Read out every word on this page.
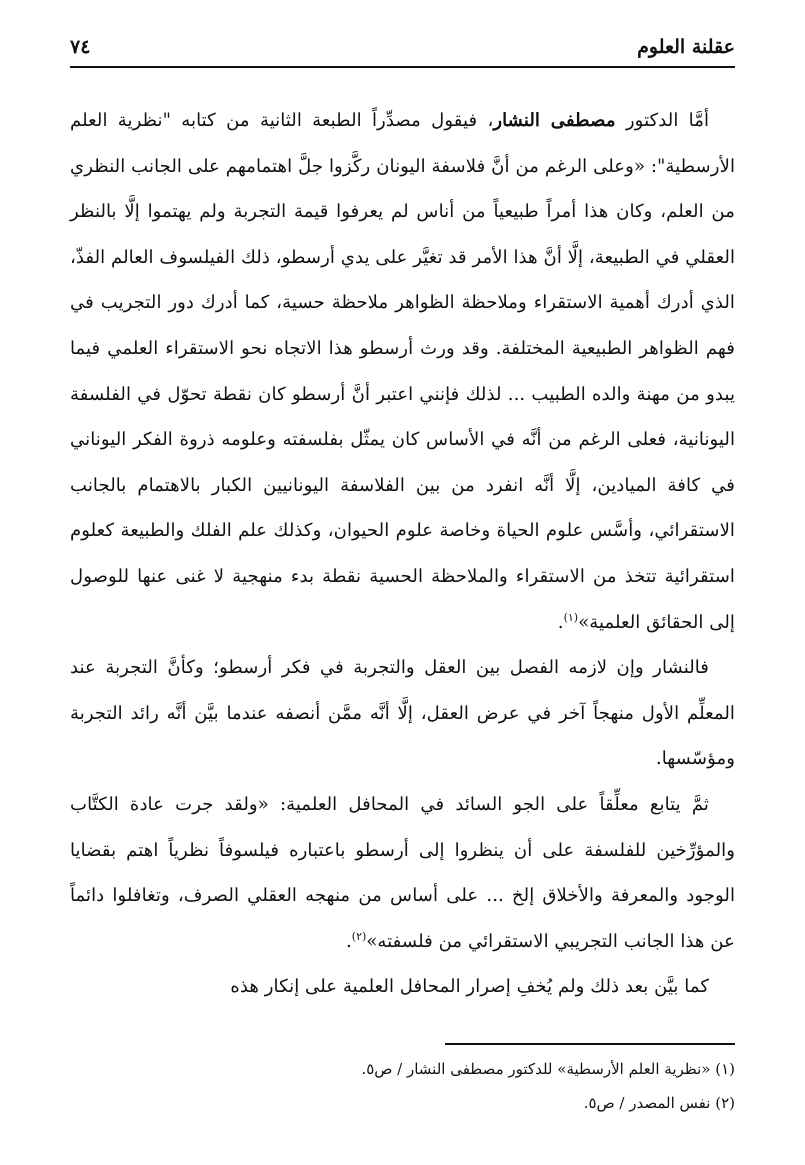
عقلنة العلوم
٧٤

أمَّا الدكتور مصطفى النشار، فيقول مصدِّراً الطبعة الثانية من كتابه "نظرية العلم الأرسطية": «وعلى الرغم من أنَّ فلاسفة اليونان ركَّزوا جلَّ اهتمامهم على الجانب النظري من العلم، وكان هذا أمراً طبيعياً من أناس لم يعرفوا قيمة التجربة ولم يهتموا إلَّا بالنظر العقلي في الطبيعة، إلَّا أنَّ هذا الأمر قد تغيَّر على يدي أرسطو، ذلك الفيلسوف العالم الفذّ، الذي أدرك أهمية الاستقراء وملاحظة الظواهر ملاحظة حسية، كما أدرك دور التجريب في فهم الظواهر الطبيعية المختلفة. وقد ورث أرسطو هذا الاتجاه نحو الاستقراء العلمي فيما يبدو من مهنة والده الطبيب ... لذلك فإنني اعتبر أنَّ أرسطو كان نقطة تحوّل في الفلسفة اليونانية، فعلى الرغم من أنَّه في الأساس كان يمثّل بفلسفته وعلومه ذروة الفكر اليوناني في كافة الميادين، إلَّا أنَّه انفرد من بين الفلاسفة اليونانيين الكبار بالاهتمام بالجانب الاستقرائي، وأسَّس علوم الحياة وخاصة علوم الحيوان، وكذلك علم الفلك والطبيعة كعلوم استقرائية تتخذ من الاستقراء والملاحظة الحسية نقطة بدء منهجية لا غنى عنها للوصول إلى الحقائق العلمية»$^{(١)}$.

فالنشار وإن لازمه الفصل بين العقل والتجربة في فكر أرسطو؛ وكأنَّ التجربة عند المعلِّم الأول منهجاً آخر في عرض العقل، إلَّا أنَّه ممَّن أنصفه عندما بيَّن أنَّه رائد التجربة ومؤسّسها.

ثمَّ يتابع معلِّقاً على الجو السائد في المحافل العلمية: «ولقد جرت عادة الكتَّاب والمؤرِّخين للفلسفة على أن ينظروا إلى أرسطو باعتباره فيلسوفاً نظرياً اهتم بقضايا الوجود والمعرفة والأخلاق إلخ ... على أساس من منهجه العقلي الصرف، وتغافلوا دائماً عن هذا الجانب التجريبي الاستقرائي من فلسفته»$^{(٢)}$.

كما بيَّن بعد ذلك ولم يُخفِ إصرار المحافل العلمية على إنكار هذه

(١) «نظرية العلم الأرسطية» للدكتور مصطفى النشار / ص٥.

(٢) نفس المصدر / ص٥.
